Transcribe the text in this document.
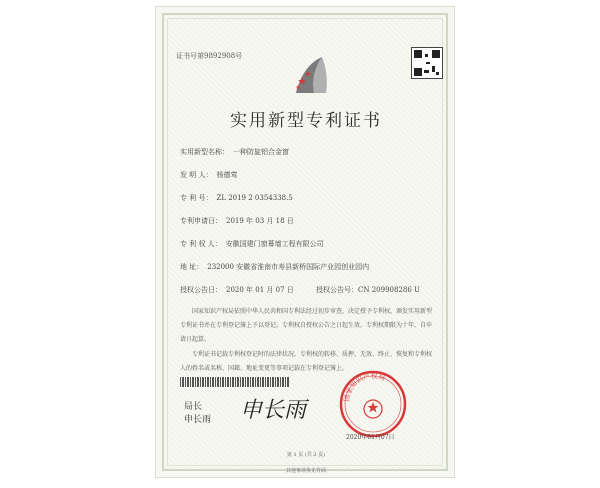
证书号第9892908号
实用新型专利证书
实用新型名称： 一种防旋铝合金窗
发 明 人： 杨德莺
专 利 号： ZL 2019 2 0354338.5
专利申请日： 2019 年 03 月 18 日
专 利 权 人： 安徽国建门窗幕墙工程有限公司
地 址： 232000 安徽省淮南市寿县新桥国际产业园创业园内
授权公告日： 2020 年 01 月 07 日	授权公告号：CN 209908286 U
国家知识产权局依照中华人民共和国专利法经过初步审查，决定授予专利权，颁发实用新型专利证书并在专利登记簿上予以登记。专利权自授权公告之日起生效。专利权期限为十年，自申请日起算。
专利证书记载专利权登记时的法律状况。专利权的转移、质押、无效、终止、恢复和专利权人的姓名或名称、国籍、地址变更等事项记载在专利登记簿上。
局长
申长雨 申长雨	国家知识产权局
2020年01月07日
第 1 页 (共 2 页)
其他事项参见背面
